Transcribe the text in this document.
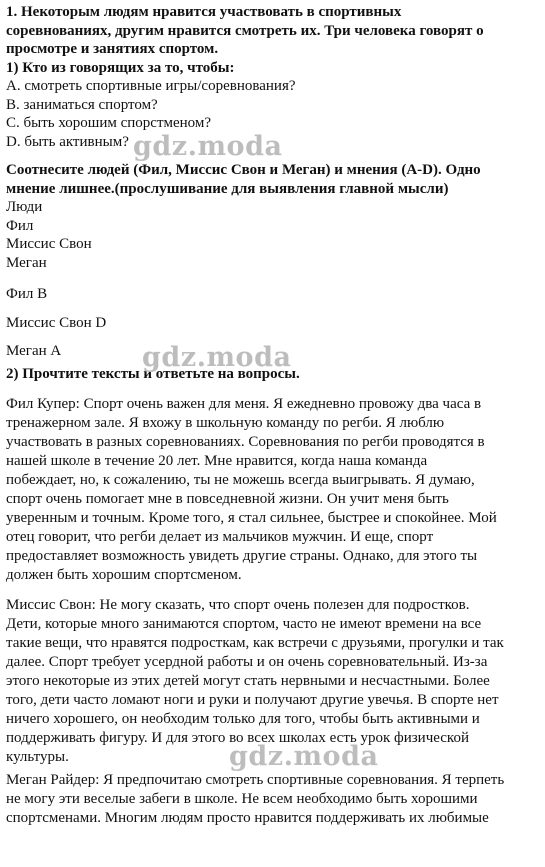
1. Некоторым людям нравится участвовать в спортивных

соревнованиях, другим нравится смотреть их. Три человека говорят о

просмотре и занятиях спортом.

1) Кто из говорящих за то, чтобы:

A. смотреть спортивные игры/соревнования?

B. заниматься спортом?

C. быть хорошим спорстменом?

D. быть активным?

Соотнесите людей (Фил, Миссис Свон и Меган) и мнения (A-D). Одно

мнение лишнее.(прослушивание для выявления главной мысли)

Люди

Фил

Миссис Свон

Меган

Фил B

Миссис Свон D

Меган A

2) Прочтите тексты и ответьте на вопросы.

Фил Купер: Спорт очень важен для меня. Я ежедневно провожу два часа в

тренажерном зале. Я вхожу в школьную команду по регби. Я люблю

участвовать в разных соревнованиях. Соревнования по регби проводятся в

нашей школе в течение 20 лет. Мне нравится, когда наша команда

побеждает, но, к сожалению, ты не можешь всегда выигрывать. Я думаю,

спорт очень помогает мне в повседневной жизни. Он учит меня быть

уверенным и точным. Кроме того, я стал сильнее, быстрее и спокойнее. Мой

отец говорит, что регби делает из мальчиков мужчин. И еще, спорт

предоставляет возможность увидеть другие страны. Однако, для этого ты

должен быть хорошим спортсменом.

Миссис Свон: Не могу сказать, что спорт очень полезен для подростков.

Дети, которые много занимаются спортом, часто не имеют времени на все

такие вещи, что нравятся подросткам, как встречи с друзьями, прогулки и так

далее. Спорт требует усердной работы и он очень соревновательный. Из-за

этого некоторые из этих детей могут стать нервными и несчастными. Более

того, дети часто ломают ноги и руки и получают другие увечья. В спорте нет

ничего хорошего, он необходим только для того, чтобы быть активными и

поддерживать фигуру. И для этого во всех школах есть урок физической

культуры.

Меган Райдер: Я предпочитаю смотреть спортивные соревнования. Я терпеть

не могу эти веселые забеги в школе. Не всем необходимо быть хорошими

спортсменами. Многим людям просто нравится поддерживать их любимые

gdz.moda
gdz.moda
gdz.moda
